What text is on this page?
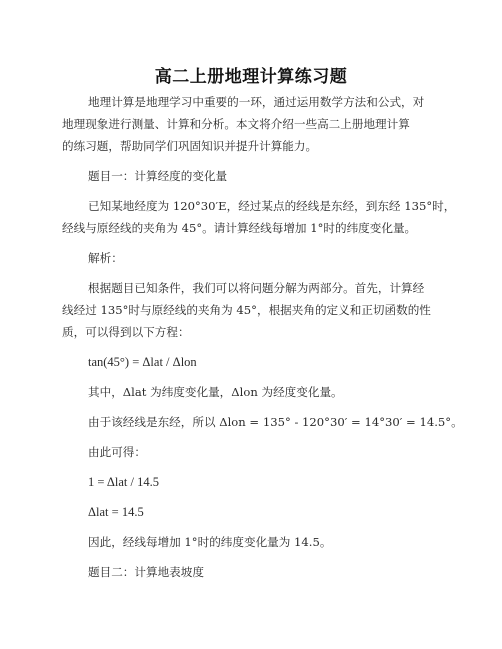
高二上册地理计算练习题
地理计算是地理学习中重要的一环，通过运用数学方法和公式，对
地理现象进行测量、计算和分析。本文将介绍一些高二上册地理计算
的练习题，帮助同学们巩固知识并提升计算能力。
题目一：计算经度的变化量
已知某地经度为 120°30′E，经过某点的经线是东经，到东经 135°时，
经线与原经线的夹角为 45°。请计算经线每增加 1°时的纬度变化量。
解析：
根据题目已知条件，我们可以将问题分解为两部分。首先，计算经
线经过 135°时与原经线的夹角为 45°，根据夹角的定义和正切函数的性
质，可以得到以下方程：
tan(45°) = Δlat / Δlon
其中，Δlat 为纬度变化量，Δlon 为经度变化量。
由于该经线是东经，所以 Δlon = 135° - 120°30′ = 14°30′ = 14.5°。
由此可得：
1 = Δlat / 14.5
Δlat = 14.5
因此，经线每增加 1°时的纬度变化量为 14.5。
题目二：计算地表坡度
